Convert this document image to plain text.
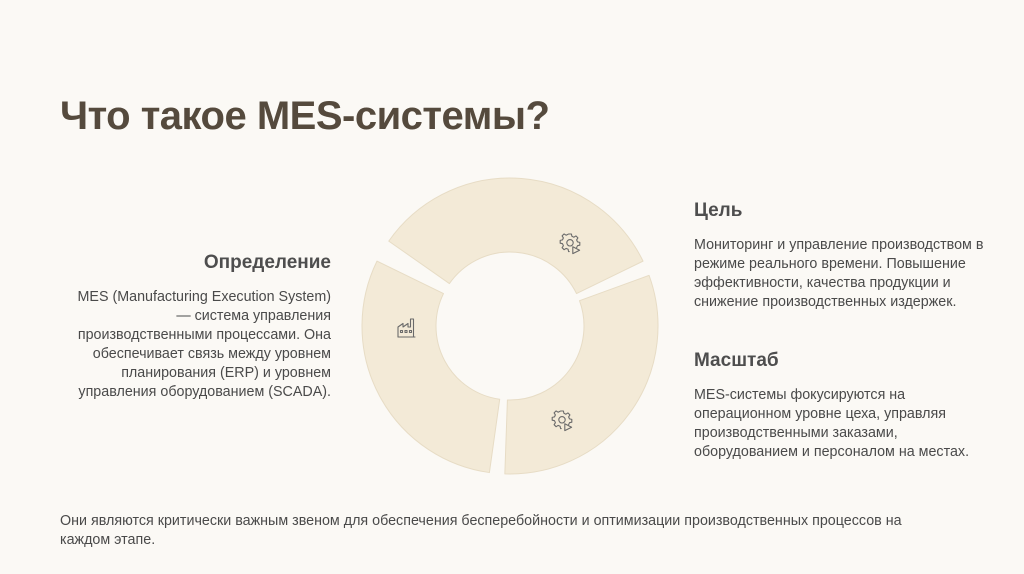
Что такое MES-системы?
Определение

MES (Manufacturing Execution System) — система управления производственными процессами. Она обеспечивает связь между уровнем планирования (ERP) и уровнем управления оборудованием (SCADA).

Цель

Мониторинг и управление производством в режиме реального времени. Повышение эффективности, качества продукции и снижение производственных издержек.

Масштаб

MES-системы фокусируются на операционном уровне цеха, управляя производственными заказами, оборудованием и персоналом на местах.

Они являются критически важным звеном для обеспечения бесперебойности и оптимизации производственных процессов на каждом этапе.
